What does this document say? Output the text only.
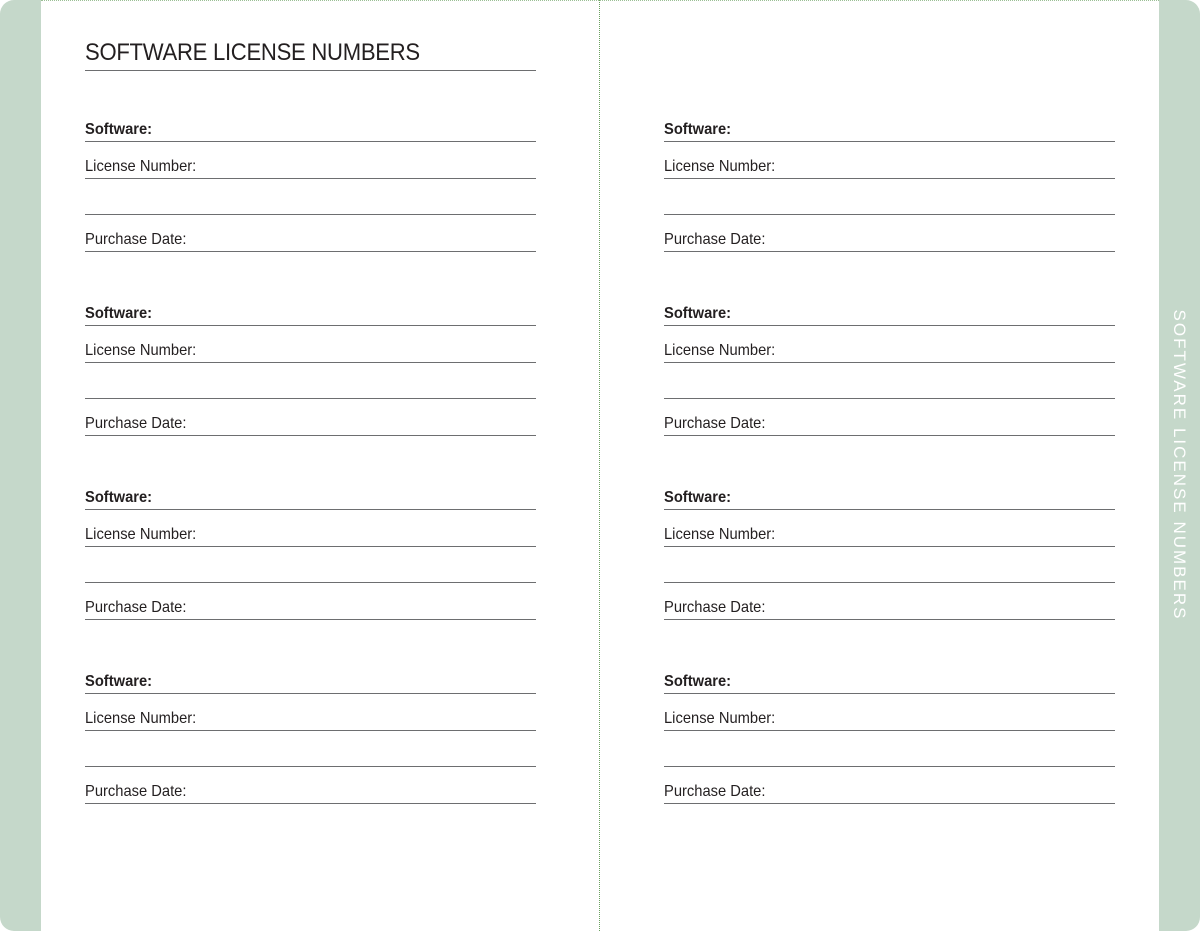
SOFTWARE LICENSE NUMBERS
SOFTWARE LICENSE NUMBERS
Software:
License Number:
Purchase Date:
Software:
License Number:
Purchase Date:
Software:
License Number:
Purchase Date:
Software:
License Number:
Purchase Date:
Software:
License Number:
Purchase Date:
Software:
License Number:
Purchase Date:
Software:
License Number:
Purchase Date:
Software:
License Number:
Purchase Date:
